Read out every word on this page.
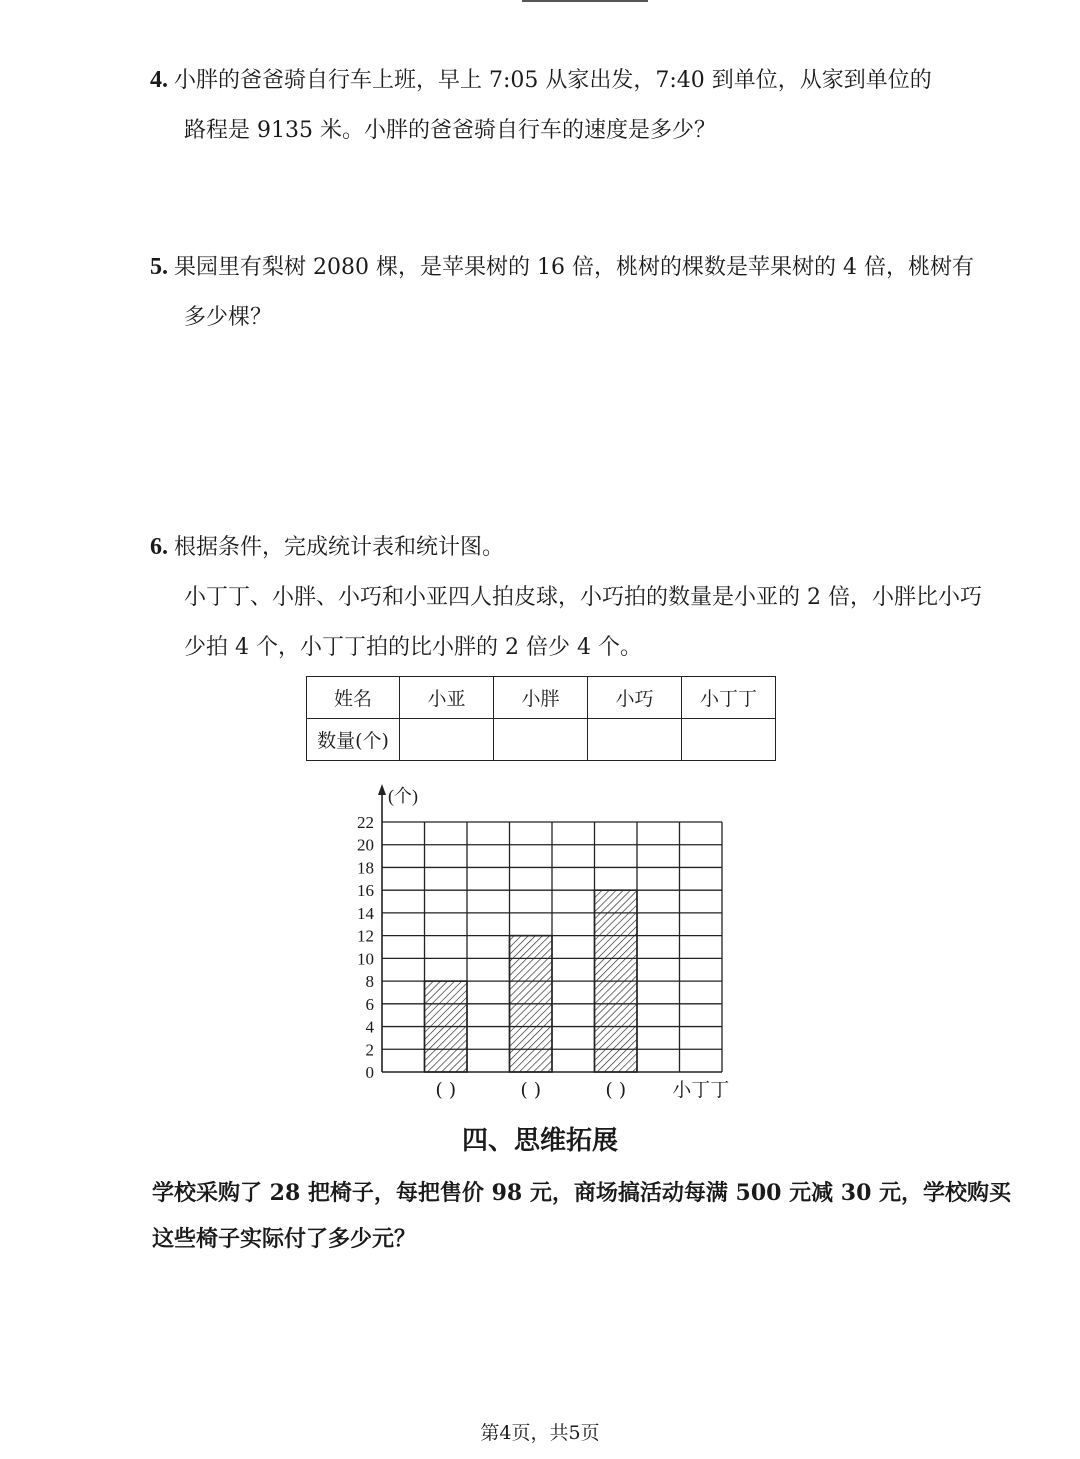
4. 小胖的爸爸骑自行车上班，早上 7:05 从家出发，7:40 到单位，从家到单位的
路程是 9135 米。小胖的爸爸骑自行车的速度是多少？
5. 果园里有梨树 2080 棵，是苹果树的 16 倍，桃树的棵数是苹果树的 4 倍，桃树有
多少棵？
6. 根据条件，完成统计表和统计图。
小丁丁、小胖、小巧和小亚四人拍皮球，小巧拍的数量是小亚的 2 倍，小胖比小巧
少拍 4 个，小丁丁拍的比小胖的 2 倍少 4 个。
姓名	小亚	小胖	小巧	小丁丁
数量(个)				
0
2
4
6
8
10
12
14
16
18
20
22
(个)
( )	( )	( ) 小丁丁
四、思维拓展
学校采购了 28 把椅子，每把售价 98 元，商场搞活动每满 500 元减 30 元，学校购买
这些椅子实际付了多少元？
第4页，共5页
